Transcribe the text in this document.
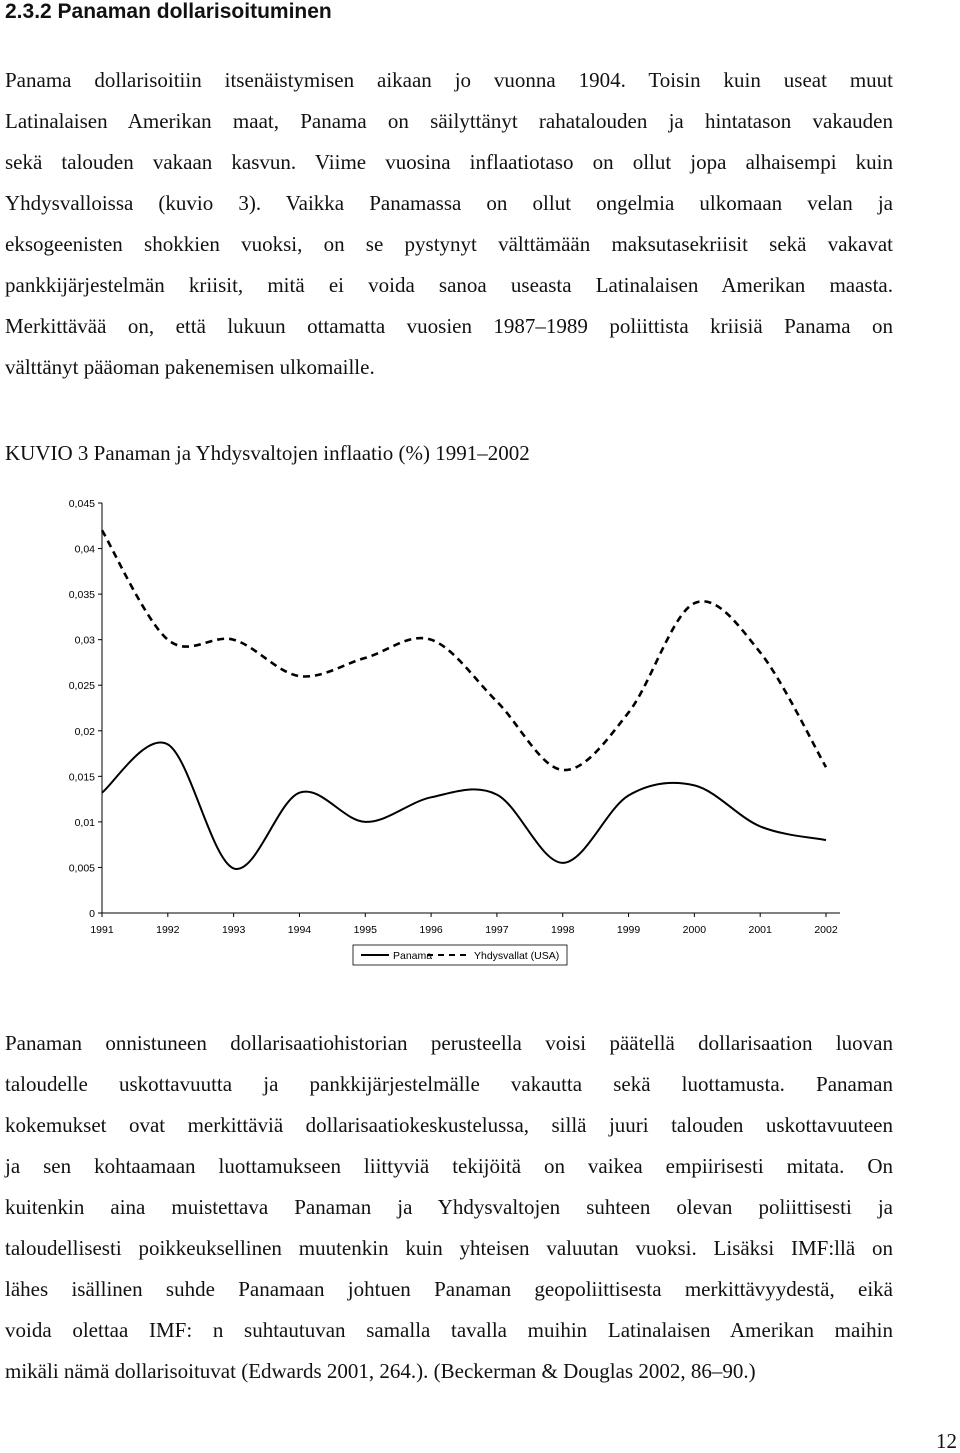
2.3.2 Panaman dollarisoituminen

Panama dollarisoitiin itsenäistymisen aikaan jo vuonna 1904. Toisin kuin useat muut
Latinalaisen Amerikan maat, Panama on säilyttänyt rahatalouden ja hintatason vakauden
sekä talouden vakaan kasvun. Viime vuosina inflaatiotaso on ollut jopa alhaisempi kuin
Yhdysvalloissa (kuvio 3). Vaikka Panamassa on ollut ongelmia ulkomaan velan ja
eksogeenisten shokkien vuoksi, on se pystynyt välttämään maksutasekriisit sekä vakavat
pankkijärjestelmän kriisit, mitä ei voida sanoa useasta Latinalaisen Amerikan maasta.
Merkittävää on, että lukuun ottamatta vuosien 1987–1989 poliittista kriisiä Panama on
välttänyt pääoman pakenemisen ulkomaille.

KUVIO 3 Panaman ja Yhdysvaltojen inflaatio (%) 1991–2002

0
0,005
0,01
0,015
0,02
0,025
0,03
0,035
0,04
0,045
1991	1992	1993	1994	1995	1996	1997	1998	1999	2000	2001	2002
Panama	Yhdysvallat (USA)

Panaman onnistuneen dollarisaatiohistorian perusteella voisi päätellä dollarisaation luovan
taloudelle uskottavuutta ja pankkijärjestelmälle vakautta sekä luottamusta. Panaman
kokemukset ovat merkittäviä dollarisaatiokeskustelussa, sillä juuri talouden uskottavuuteen
ja sen kohtaamaan luottamukseen liittyviä tekijöitä on vaikea empiirisesti mitata. On
kuitenkin aina muistettava Panaman ja Yhdysvaltojen suhteen olevan poliittisesti ja
taloudellisesti poikkeuksellinen muutenkin kuin yhteisen valuutan vuoksi. Lisäksi IMF:llä on
lähes isällinen suhde Panamaan johtuen Panaman geopoliittisesta merkittävyydestä, eikä
voida olettaa IMF: n suhtautuvan samalla tavalla muihin Latinalaisen Amerikan maihin
mikäli nämä dollarisoituvat (Edwards 2001, 264.). (Beckerman & Douglas 2002, 86–90.)

12
